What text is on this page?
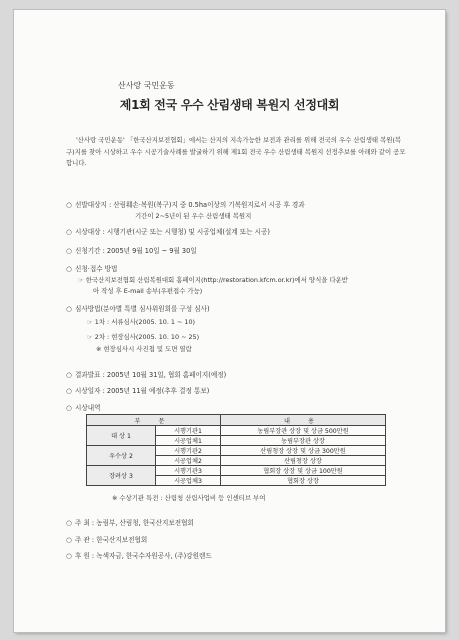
산사랑 국민운동
제1회 전국 우수 산림생태 복원지 선정대회
'산사랑 국민운동' 「한국산지보전협회」에서는 산지의 지속가능한 보전과 관리를 위해 전국의 우수 산림생태 복원(복구)지를 찾아 시상하고 우수 시공기술사례를 발굴하기 위해 제1회 전국 우수 산림생태 복원지 선정추보를 아래와 같이 공모합니다.
○ 선발대상지 : 산림훼손·복원(복구)지 중 0.5ha이상의 기복원지로서 시공 후 경과
기간이 2~5년이 된 우수 산림생태 복원지
○ 시상대상 : 시행기관(시군 또는 시행청) 및 시공업체(설계 또는 시공)
○ 신청기간 : 2005년 9월 10일 ~ 9월 30일
○ 신청·접수 방법
☞ 한국산지보전협회 산림복원대회 홈페이지(http://restoration.kfcm.or.kr)에서 양식을 다운받
아 작성 후 E-mail 송부(우편접수 가능)
○ 심사방법(분야별 특별 심사위원회를 구성 심사)
☞ 1차 : 서류심사(2005. 10. 1 ~ 10)
☞ 2차 : 현장심사(2005. 10. 10 ~ 25)
※ 현장심사시 사진첩 및 도면 열람
○ 결과발표 : 2005년 10월 31일, 협회 홈페이지(예정)
○ 시상일자 : 2005년 11월 예정(추후 결정 통보)
○ 시상내역
부 문		내 용
대 상 1	시행기관1	농림부장관 상장 및 상금 500만원
	시공업체1	농림부장관 상장
우수상 2	시행기관2	산림청장 상장 및 상금 300만원
	시공업체2	산림청장 상장
장려상 3	시행기관3	협회장 상장 및 상금 100만원
	시공업체3	협회장 상장
※ 수상기관 특전 : 산림청 산림사업비 등 인센티브 부여
○ 주 최 : 농림부, 산림청, 한국산지보전협회
○ 주 관 : 한국산지보전협회
○ 후 원 : 녹색자금, 한국수자원공사, (주)강원랜드
